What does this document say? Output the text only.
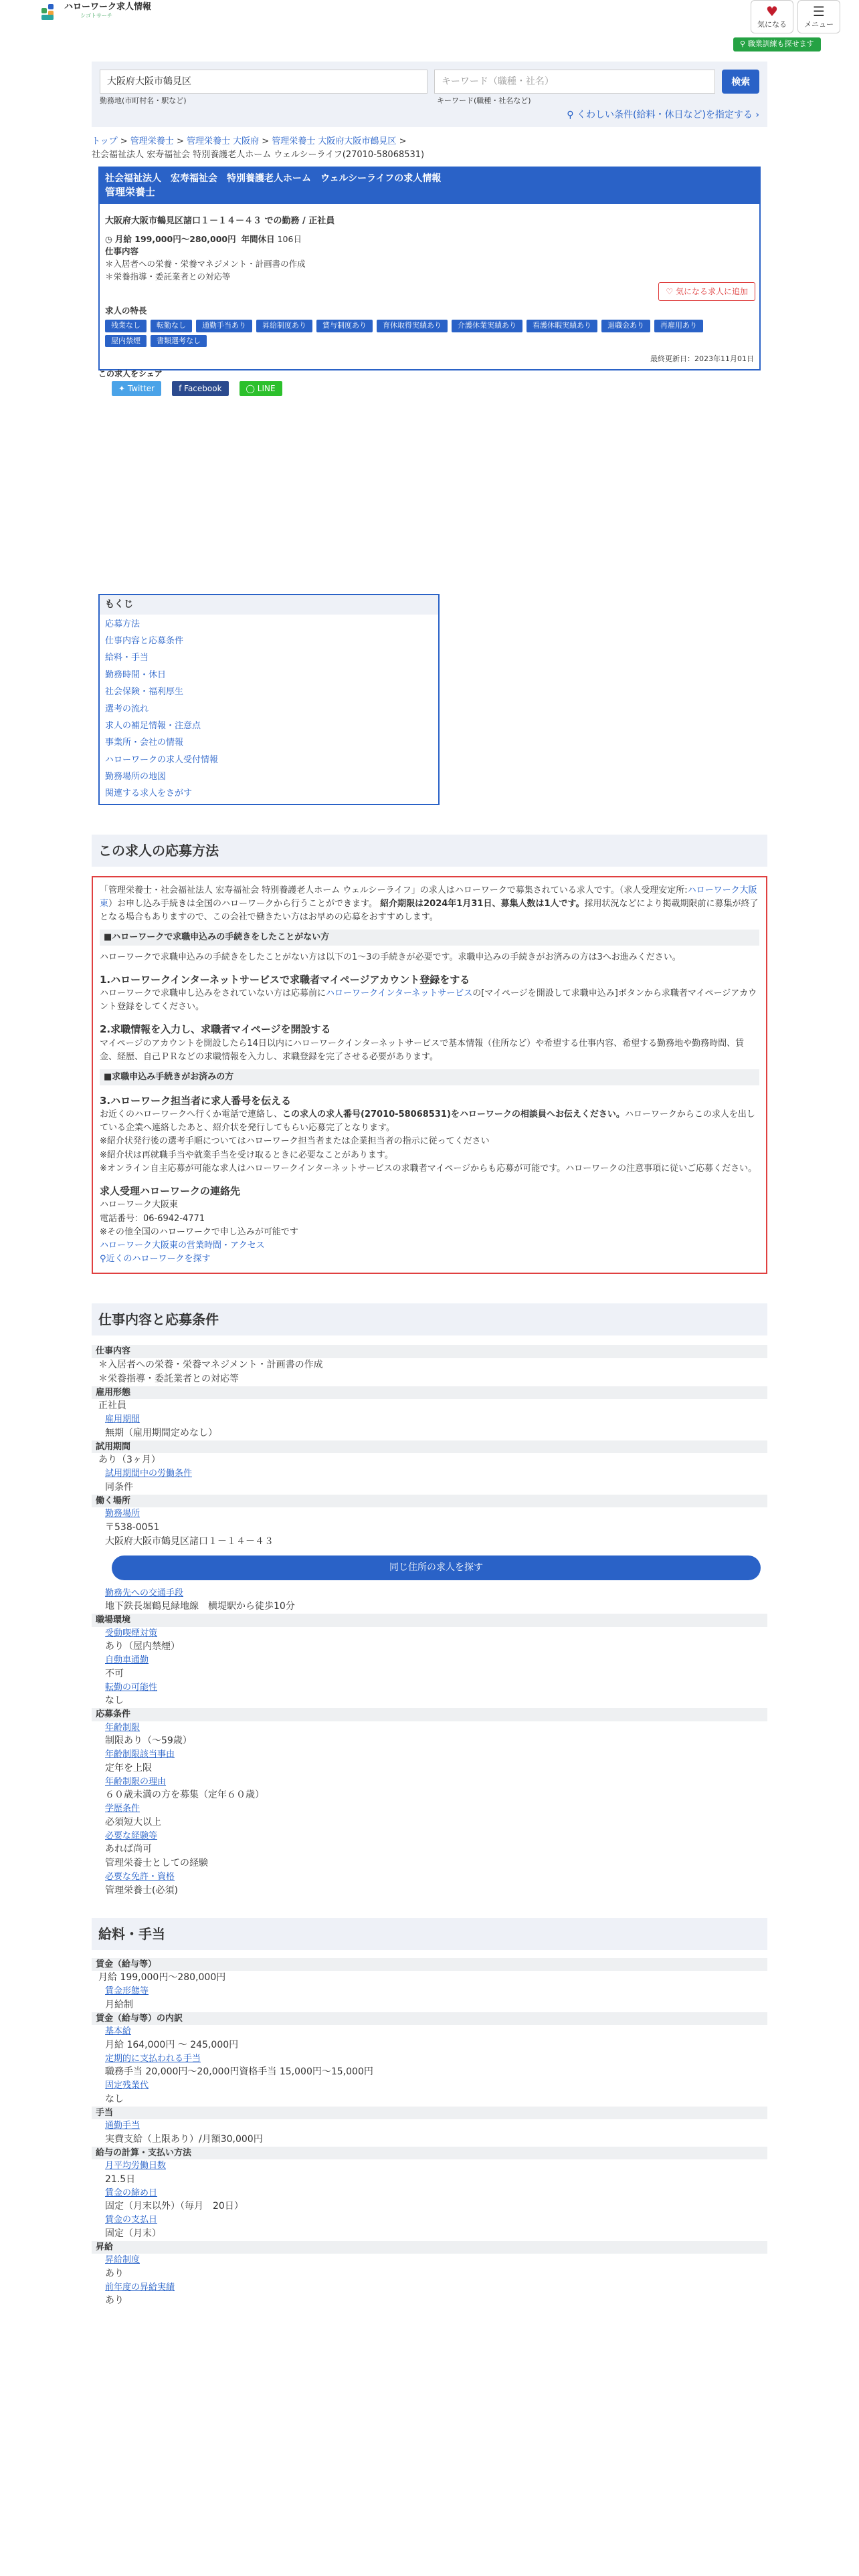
ハローワーク求人情報
シゴトサーチ	♥
気になる
☰
メニュー
⚲ 職業訓練も探せます
大阪府大阪市鶴見区	キーワード（職種・社名）	検索
勤務地(市町村名・駅など)	キーワード(職種・社名など)
⚲ くわしい条件(給料・休日など)を指定する ›
トップ > 管理栄養士 > 管理栄養士 大阪府 > 管理栄養士 大阪府大阪市鶴見区 >
社会福祉法人 宏寿福祉会 特別養護老人ホーム ウェルシーライフ(27010-58068531)
社会福祉法人　宏寿福祉会　特別養護老人ホーム　ウェルシーライフの求人情報
管理栄養士
大阪府大阪市鶴見区諸口１－１４－４３ での勤務 / 正社員
◷ 月給 199,000円〜280,000円 年間休日 106日
仕事内容
＊入居者への栄養・栄養マネジメント・計画書の作成
＊栄養指導・委託業者との対応等
♡ 気になる求人に追加
求人の特長
残業なし	転勤なし	通勤手当あり	昇給制度あり	賞与制度あり	育休取得実績あり	介護休業実績あり	看護休暇実績あり	退職金あり	再雇用あり
屋内禁煙	書類選考なし
最終更新日：2023年11月01日
この求人をシェア
✦ Twitter	f Facebook	◯ LINE
もくじ
応募方法
仕事内容と応募条件
給料・手当
勤務時間・休日
社会保険・福利厚生
選考の流れ
求人の補足情報・注意点
事業所・会社の情報
ハローワークの求人受付情報
勤務場所の地図
関連する求人をさがす
この求人の応募方法

「管理栄養士・社会福祉法人 宏寿福祉会 特別養護老人ホーム ウェルシーライフ」の求人はハローワークで募集されている求人です。（求人受理安定所:ハローワーク大阪東）お申し込み手続きは全国のハローワークから行うことができます。 紹介期限は2024年1月31日、募集人数は1人です。採用状況などにより掲載期限前に募集が終了となる場合もありますので、この会社で働きたい方はお早めの応募をおすすめします。

■ハローワークで求職申込みの手続きをしたことがない方

ハローワークで求職申込みの手続きをしたことがない方は以下の1〜3の手続きが必要です。求職申込みの手続きがお済みの方は3へお進みください。

1.ハローワークインターネットサービスで求職者マイページアカウント登録をする

ハローワークで求職申し込みをされていない方は応募前にハローワークインターネットサービスの[マイページを開設して求職申込み]ボタンから求職者マイページアカウント登録をしてください。

2.求職情報を入力し、求職者マイページを開設する

マイページのアカウントを開設したら14日以内にハローワークインターネットサービスで基本情報（住所など）や希望する仕事内容、希望する勤務地や勤務時間、賃金、経歴、自己ＰＲなどの求職情報を入力し、求職登録を完了させる必要があります。

■求職申込み手続きがお済みの方
3.ハローワーク担当者に求人番号を伝える

お近くのハローワークへ行くか電話で連絡し、この求人の求人番号(27010-58068531)をハローワークの相談員へお伝えください。ハローワークからこの求人を出している企業へ連絡したあと、紹介状を発行してもらい応募完了となります。

※紹介状発行後の選考手順についてはハローワーク担当者または企業担当者の指示に従ってください

※紹介状は再就職手当や就業手当を受け取るときに必要なことがあります。

※オンライン自主応募が可能な求人はハローワークインターネットサービスの求職者マイページからも応募が可能です。ハローワークの注意事項に従いご応募ください。

求人受理ハローワークの連絡先

ハローワーク大阪東

電話番号：06-6942-4771

※その他全国のハローワークで申し込みが可能です

ハローワーク大阪東の営業時間・アクセス

⚲近くのハローワークを探す

仕事内容と応募条件
仕事内容
＊入居者への栄養・栄養マネジメント・計画書の作成
＊栄養指導・委託業者との対応等
雇用形態
正社員
雇用期間
無期（雇用期間定めなし）
試用期間
あり（3ヶ月）
試用期間中の労働条件
同条件
働く場所
勤務場所
〒538-0051
大阪府大阪市鶴見区諸口１－１４－４３
同じ住所の求人を探す
勤務先への交通手段
地下鉄長堀鶴見緑地線　横堤駅から徒歩10分
職場環境
受動喫煙対策
あり（屋内禁煙）
自動車通勤
不可
転勤の可能性
なし
応募条件
年齢制限
制限あり（〜59歳）
年齢制限該当事由
定年を上限
年齢制限の理由
６０歳未満の方を募集（定年６０歳）
学歴条件
必須短大以上
必要な経験等
あれば尚可
管理栄養士としての経験
必要な免許・資格
管理栄養士(必須)
給料・手当
賃金（給与等）
月給 199,000円〜280,000円
賃金形態等
月給制
賃金（給与等）の内訳
基本給
月給 164,000円 〜 245,000円
定期的に支払われる手当
職務手当 20,000円〜20,000円資格手当 15,000円〜15,000円
固定残業代
なし
手当
通勤手当
実費支給（上限あり）/月額30,000円
給与の計算・支払い方法
月平均労働日数
21.5日
賃金の締め日
固定（月末以外）（毎月　20日）
賃金の支払日
固定（月末）
昇給
昇給制度
あり
前年度の昇給実績
あり
